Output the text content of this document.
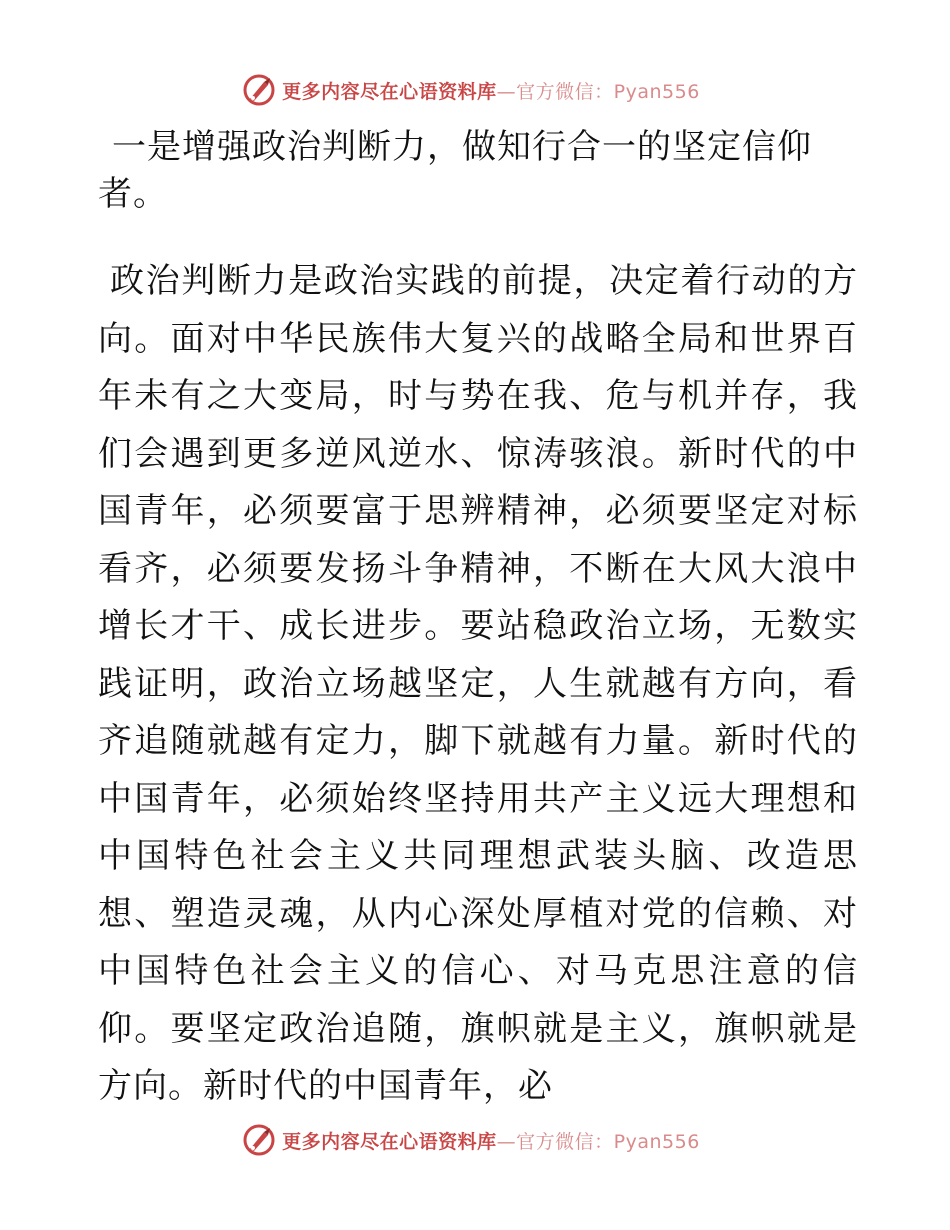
更多内容尽在心语资料库—官方微信：Pyan556

一是增强政治判断力，做知行合一的坚定信仰者。

政治判断力是政治实践的前提，决定着行动的方向。面对中华民族伟大复兴的战略全局和世界百年未有之大变局，时与势在我、危与机并存，我们会遇到更多逆风逆水、惊涛骇浪。新时代的中国青年，必须要富于思辨精神，必须要坚定对标看齐，必须要发扬斗争精神，不断在大风大浪中增长才干、成长进步。要站稳政治立场，无数实践证明，政治立场越坚定，人生就越有方向，看齐追随就越有定力，脚下就越有力量。新时代的中国青年，必须始终坚持用共产主义远大理想和中国特色社会主义共同理想武装头脑、改造思想、塑造灵魂，从内心深处厚植对党的信赖、对中国特色社会主义的信心、对马克思注意的信仰。要坚定政治追随，旗帜就是主义，旗帜就是方向。新时代的中国青年，必

更多内容尽在心语资料库—官方微信：Pyan556
